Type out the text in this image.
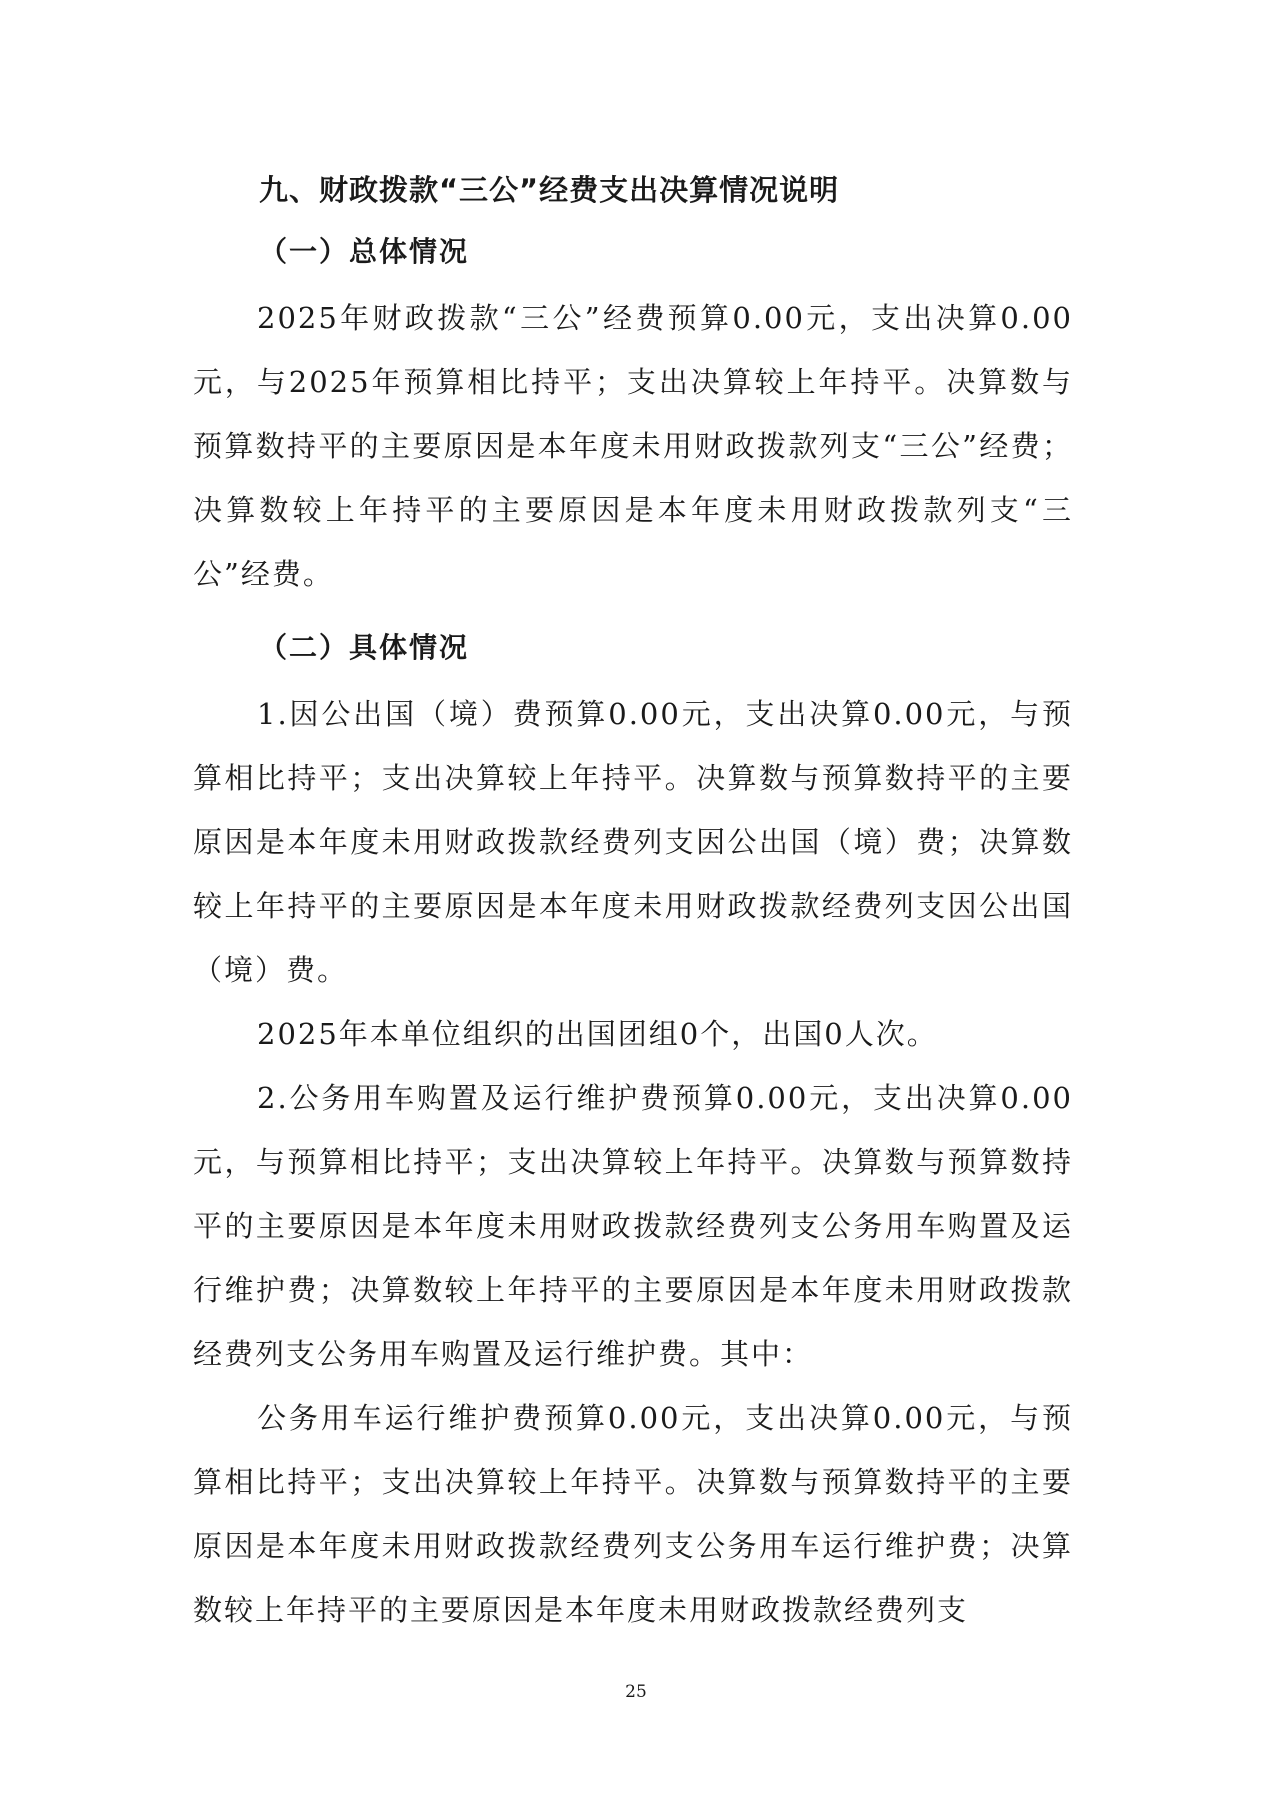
九、财政拨款“三公”经费支出决算情况说明
（一）总体情况

2025年财政拨款“三公”经费预算0.00元，支出决算0.00元，与2025年预算相比持平；支出决算较上年持平。决算数与预算数持平的主要原因是本年度未用财政拨款列支“三公”经费；决算数较上年持平的主要原因是本年度未用财政拨款列支“三公”经费。

（二）具体情况

1.因公出国（境）费预算0.00元，支出决算0.00元，与预算相比持平；支出决算较上年持平。决算数与预算数持平的主要原因是本年度未用财政拨款经费列支因公出国（境）费；决算数较上年持平的主要原因是本年度未用财政拨款经费列支因公出国（境）费。

2025年本单位组织的出国团组0个，出国0人次。

2.公务用车购置及运行维护费预算0.00元，支出决算0.00元，与预算相比持平；支出决算较上年持平。决算数与预算数持平的主要原因是本年度未用财政拨款经费列支公务用车购置及运行维护费；决算数较上年持平的主要原因是本年度未用财政拨款经费列支公务用车购置及运行维护费。其中：

公务用车运行维护费预算0.00元，支出决算0.00元，与预算相比持平；支出决算较上年持平。决算数与预算数持平的主要原因是本年度未用财政拨款经费列支公务用车运行维护费；决算数较上年持平的主要原因是本年度未用财政拨款经费列支

25
